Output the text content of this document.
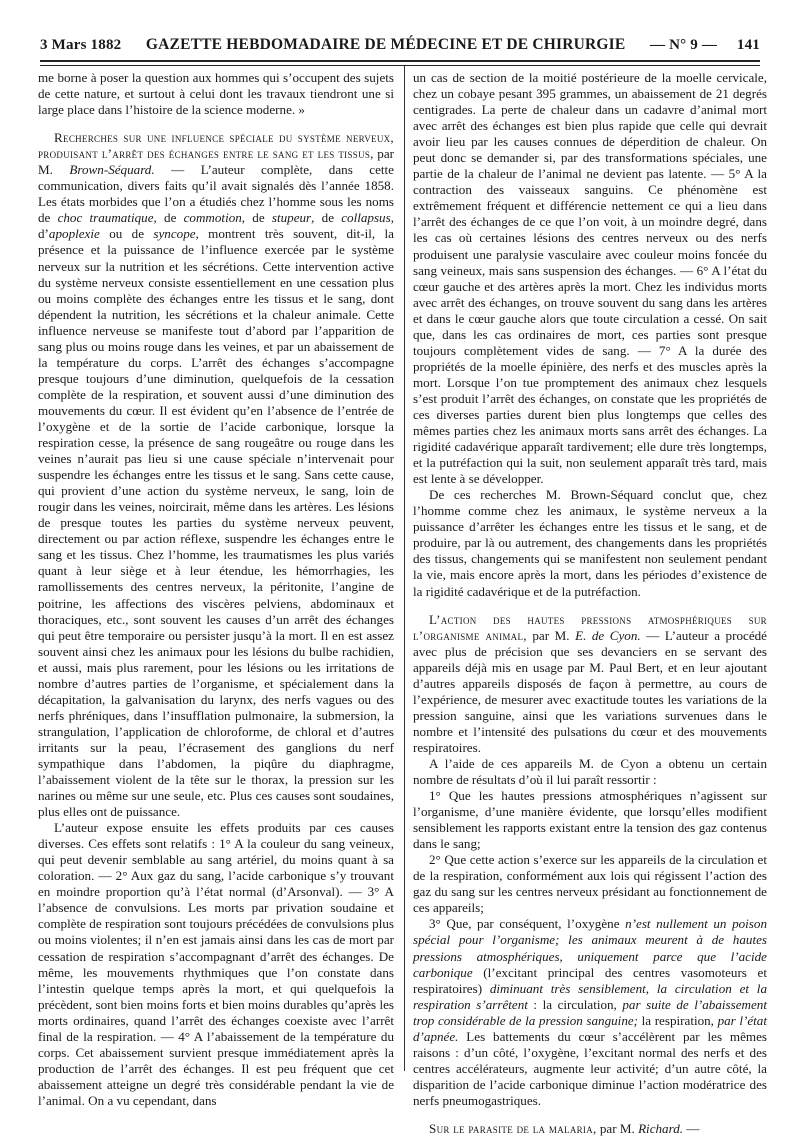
3 Mars 1882 GAZETTE HEBDOMADAIRE DE MÉDECINE ET DE CHIRURGIE — N° 9 — 141

me borne à poser la question aux hommes qui s’occupent des sujets de cette nature, et surtout à celui dont les travaux tiendront une si large place dans l’histoire de la science moderne. »

Recherches sur une influence spéciale du système nerveux, produisant l’arrêt des échanges entre le sang et les tissus, par M. Brown-Séquard. — L’auteur complète, dans cette communication, divers faits qu’il avait signalés dès l’année 1858. Les états morbides que l’on a étudiés chez l’homme sous les noms de choc traumatique, de commotion, de stupeur, de collapsus, d’apoplexie ou de syncope, montrent très souvent, dit-il, la présence et la puissance de l’influence exercée par le système nerveux sur la nutrition et les sécrétions. Cette intervention active du système nerveux consiste essentiellement en une cessation plus ou moins complète des échanges entre les tissus et le sang, dont dépendent la nutrition, les sécrétions et la chaleur animale. Cette influence nerveuse se manifeste tout d’abord par l’apparition de sang plus ou moins rouge dans les veines, et par un abaissement de la température du corps. L’arrêt des échanges s’accompagne presque toujours d’une diminution, quelquefois de la cessation complète de la respiration, et souvent aussi d’une diminution des mouvements du cœur. Il est évident qu’en l’absence de l’entrée de l’oxygène et de la sortie de l’acide carbonique, lorsque la respiration cesse, la présence de sang rougeâtre ou rouge dans les veines n’aurait pas lieu si une cause spéciale n’intervenait pour suspendre les échanges entre les tissus et le sang. Sans cette cause, qui provient d’une action du système nerveux, le sang, loin de rougir dans les veines, noircirait, même dans les artères. Les lésions de presque toutes les parties du système nerveux peuvent, directement ou par action réflexe, suspendre les échanges entre le sang et les tissus. Chez l’homme, les traumatismes les plus variés quant à leur siège et à leur étendue, les hémorrhagies, les ramollissements des centres nerveux, la péritonite, l’angine de poitrine, les affections des viscères pelviens, abdominaux et thoraciques, etc., sont souvent les causes d’un arrêt des échanges qui peut être temporaire ou persister jusqu’à la mort. Il en est assez souvent ainsi chez les animaux pour les lésions du bulbe rachidien, et aussi, mais plus rarement, pour les lésions ou les irritations de nombre d’autres parties de l’organisme, et spécialement dans la décapitation, la galvanisation du larynx, des nerfs vagues ou des nerfs phréniques, dans l’insufflation pulmonaire, la submersion, la strangulation, l’application de chloroforme, de chloral et d’autres irritants sur la peau, l’écrasement des ganglions du nerf sympathique dans l’abdomen, la piqûre du diaphragme, l’abaissement violent de la tête sur le thorax, la pression sur les narines ou même sur une seule, etc. Plus ces causes sont soudaines, plus elles ont de puissance.

L’auteur expose ensuite les effets produits par ces causes diverses. Ces effets sont relatifs : 1° A la couleur du sang veineux, qui peut devenir semblable au sang artériel, du moins quant à sa coloration. — 2° Aux gaz du sang, l’acide carbonique s’y trouvant en moindre proportion qu’à l’état normal (d’Arsonval). — 3° A l’absence de convulsions. Les morts par privation soudaine et complète de respiration sont toujours précédées de convulsions plus ou moins violentes; il n’en est jamais ainsi dans les cas de mort par cessation de respiration s’accompagnant d’arrêt des échanges. De même, les mouvements rhythmiques que l’on constate dans l’intestin quelque temps après la mort, et qui quelquefois la précèdent, sont bien moins forts et bien moins durables qu’après les morts ordinaires, quand l’arrêt des échanges coexiste avec l’arrêt final de la respiration. — 4° A l’abaissement de la température du corps. Cet abaissement survient presque immédiatement après la production de l’arrêt des échanges. Il est peu fréquent que cet abaissement atteigne un degré très considérable pendant la vie de l’animal. On a vu cependant, dans

un cas de section de la moitié postérieure de la moelle cervicale, chez un cobaye pesant 395 grammes, un abaissement de 21 degrés centigrades. La perte de chaleur dans un cadavre d’animal mort avec arrêt des échanges est bien plus rapide que celle qui devrait avoir lieu par les causes connues de déperdition de chaleur. On peut donc se demander si, par des transformations spéciales, une partie de la chaleur de l’animal ne devient pas latente. — 5° A la contraction des vaisseaux sanguins. Ce phénomène est extrêmement fréquent et différencie nettement ce qui a lieu dans l’arrêt des échanges de ce que l’on voit, à un moindre degré, dans les cas où certaines lésions des centres nerveux ou des nerfs produisent une paralysie vasculaire avec couleur moins foncée du sang veineux, mais sans suspension des échanges. — 6° A l’état du cœur gauche et des artères après la mort. Chez les individus morts avec arrêt des échanges, on trouve souvent du sang dans les artères et dans le cœur gauche alors que toute circulation a cessé. On sait que, dans les cas ordinaires de mort, ces parties sont presque toujours complètement vides de sang. — 7° A la durée des propriétés de la moelle épinière, des nerfs et des muscles après la mort. Lorsque l’on tue promptement des animaux chez lesquels s’est produit l’arrêt des échanges, on constate que les propriétés de ces diverses parties durent bien plus longtemps que celles des mêmes parties chez les animaux morts sans arrêt des échanges. La rigidité cadavérique apparaît tardivement; elle dure très longtemps, et la putréfaction qui la suit, non seulement apparaît très tard, mais est lente à se développer.

De ces recherches M. Brown-Séquard conclut que, chez l’homme comme chez les animaux, le système nerveux a la puissance d’arrêter les échanges entre les tissus et le sang, et de produire, par là ou autrement, des changements dans les propriétés des tissus, changements qui se manifestent non seulement pendant la vie, mais encore après la mort, dans les périodes d’existence de la rigidité cadavérique et de la putréfaction.

L’action des hautes pressions atmosphériques sur l’organisme animal, par M. E. de Cyon. — L’auteur a procédé avec plus de précision que ses devanciers en se servant des appareils déjà mis en usage par M. Paul Bert, et en leur ajoutant d’autres appareils disposés de façon à permettre, au cours de l’expérience, de mesurer avec exactitude toutes les variations de la pression sanguine, ainsi que les variations survenues dans le nombre et l’intensité des pulsations du cœur et des mouvements respiratoires.

A l’aide de ces appareils M. de Cyon a obtenu un certain nombre de résultats d’où il lui paraît ressortir :

1° Que les hautes pressions atmosphériques n’agissent sur l’organisme, d’une manière évidente, que lorsqu’elles modifient sensiblement les rapports existant entre la tension des gaz contenus dans le sang;

2° Que cette action s’exerce sur les appareils de la circulation et de la respiration, conformément aux lois qui régissent l’action des gaz du sang sur les centres nerveux présidant au fonctionnement de ces appareils;

3° Que, par conséquent, l’oxygène n’est nullement un poison spécial pour l’organisme; les animaux meurent à de hautes pressions atmosphériques, uniquement parce que l’acide carbonique (l’excitant principal des centres vasomoteurs et respiratoires) diminuant très sensiblement, la circulation et la respiration s’arrêtent : la circulation, par suite de l’abaissement trop considérable de la pression sanguine; la respiration, par l’état d’apnée. Les battements du cœur s’accélèrent par les mêmes raisons : d’un côté, l’oxygène, l’excitant normal des nerfs et des centres accélérateurs, augmente leur activité; d’un autre côté, la disparition de l’acide carbonique diminue l’action modératrice des nerfs pneumogastriques.

Sur le parasite de la malaria, par M. Richard. —
